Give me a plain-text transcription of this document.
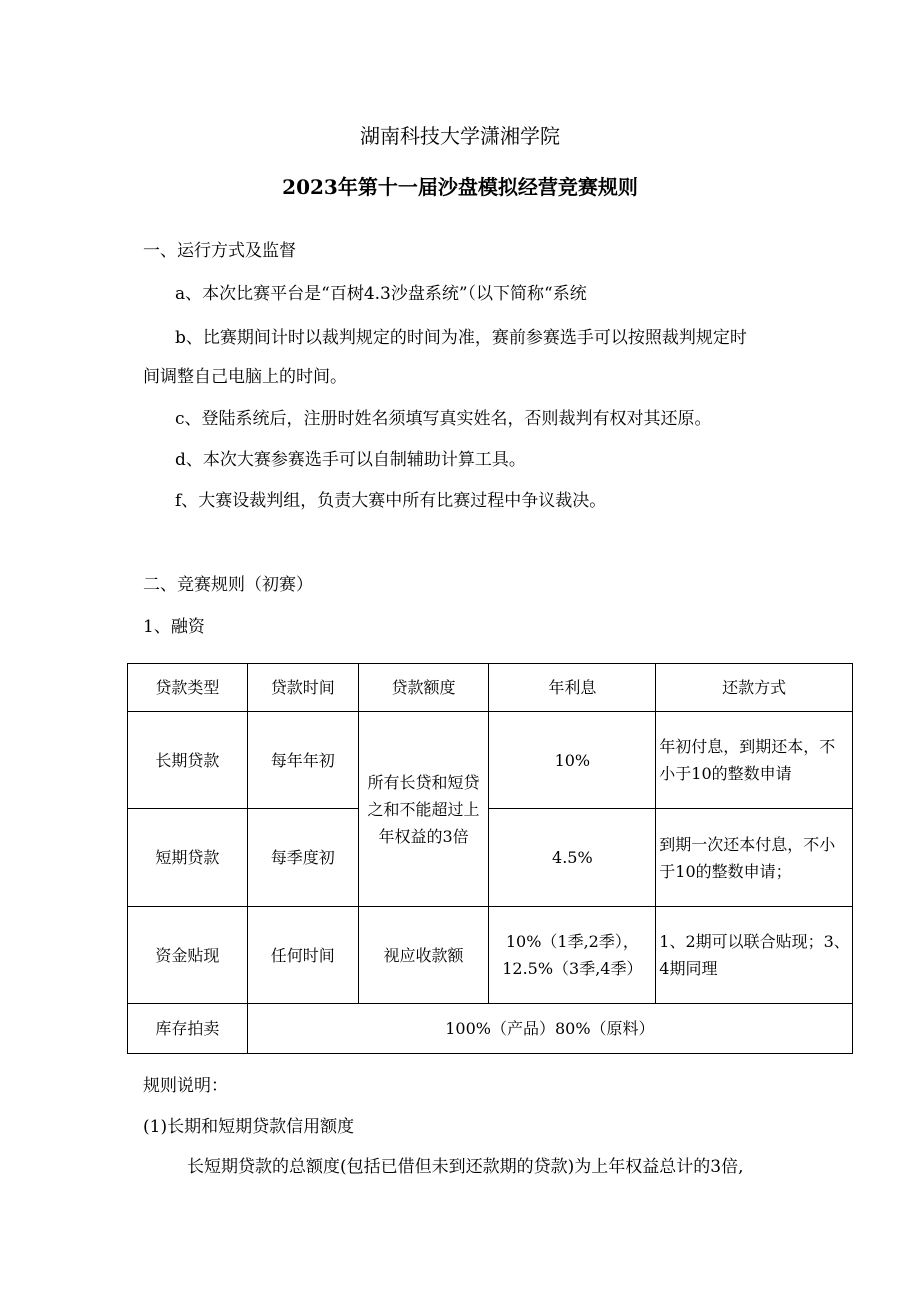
湖南科技大学潇湘学院
2023年第十一届沙盘模拟经营竞赛规则
一、运行方式及监督
a、本次比赛平台是“百树4.3沙盘系统”（以下简称“系统
b、比赛期间计时以裁判规定的时间为准，赛前参赛选手可以按照裁判规定时
间调整自己电脑上的时间。
c、登陆系统后，注册时姓名须填写真实姓名，否则裁判有权对其还原。
d、本次大赛参赛选手可以自制辅助计算工具。
f、大赛设裁判组，负责大赛中所有比赛过程中争议裁决。
二、竞赛规则（初赛）
1、融资
贷款类型	贷款时间	贷款额度	年利息	还款方式
长期贷款	每年年初	所有长贷和短贷之和不能超过上年权益的3倍	10%	年初付息，到期还本，不小于10的整数申请
短期贷款	每季度初		4.5%	到期一次还本付息，不小于10的整数申请；
资金贴现	任何时间	视应收款额	10%（1季,2季），12.5%（3季,4季）	1、2期可以联合贴现；3、4期同理
库存拍卖	100%（产品）80%（原料）			
规则说明：
(1)长期和短期贷款信用额度
长短期贷款的总额度(包括已借但未到还款期的贷款)为上年权益总计的3倍,
